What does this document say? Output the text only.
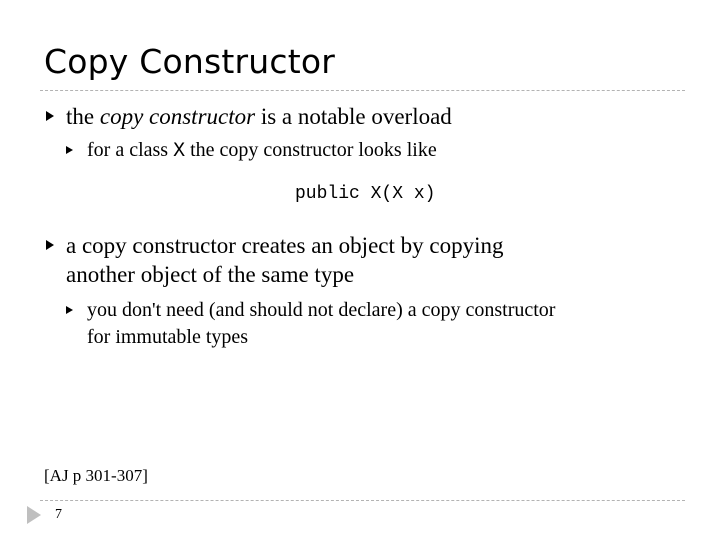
Copy Constructor
the copy constructor is a notable overload
for a class X the copy constructor looks like
public X(X x)
a copy constructor creates an object by copying
another object of the same type
you don't need (and should not declare) a copy constructor
for immutable types
[AJ p 301-307]
7
